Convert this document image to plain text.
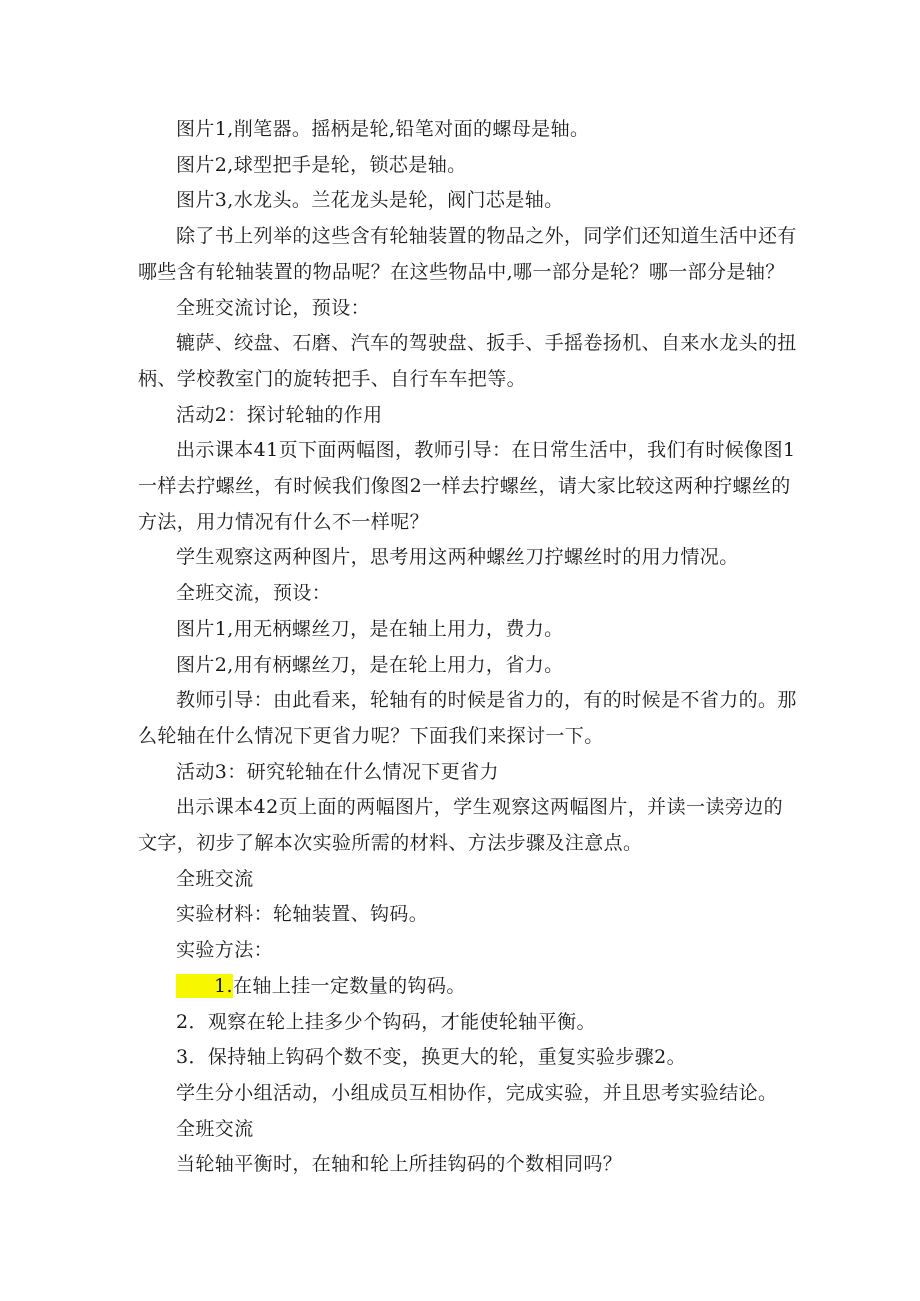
图片1,削笔器。摇柄是轮,铅笔对面的螺母是轴。

图片2,球型把手是轮，锁芯是轴。

图片3,水龙头。兰花龙头是轮，阀门芯是轴。

除了书上列举的这些含有轮轴装置的物品之外，同学们还知道生活中还有哪些含有轮轴装置的物品呢？在这些物品中,哪一部分是轮？哪一部分是轴？

全班交流讨论，预设：

辘萨、绞盘、石磨、汽车的驾驶盘、扳手、手摇卷扬机、自来水龙头的扭柄、学校教室门的旋转把手、自行车车把等。

活动2：探讨轮轴的作用

出示课本41页下面两幅图，教师引导：在日常生活中，我们有时候像图1一样去拧螺丝，有时候我们像图2一样去拧螺丝，请大家比较这两种拧螺丝的方法，用力情况有什么不一样呢？

学生观察这两种图片，思考用这两种螺丝刀拧螺丝时的用力情况。

全班交流，预设：

图片1,用无柄螺丝刀，是在轴上用力，费力。

图片2,用有柄螺丝刀，是在轮上用力，省力。

教师引导：由此看来，轮轴有的时候是省力的，有的时候是不省力的。那么轮轴在什么情况下更省力呢？下面我们来探讨一下。

活动3：研究轮轴在什么情况下更省力

出示课本42页上面的两幅图片，学生观察这两幅图片，并读一读旁边的文字，初步了解本次实验所需的材料、方法步骤及注意点。

全班交流

实验材料：轮轴装置、钩码。

实验方法：

1.在轴上挂一定数量的钩码。

2．观察在轮上挂多少个钩码，才能使轮轴平衡。

3．保持轴上钩码个数不变，换更大的轮，重复实验步骤2。

学生分小组活动，小组成员互相协作，完成实验，并且思考实验结论。

全班交流

当轮轴平衡时，在轴和轮上所挂钩码的个数相同吗？
